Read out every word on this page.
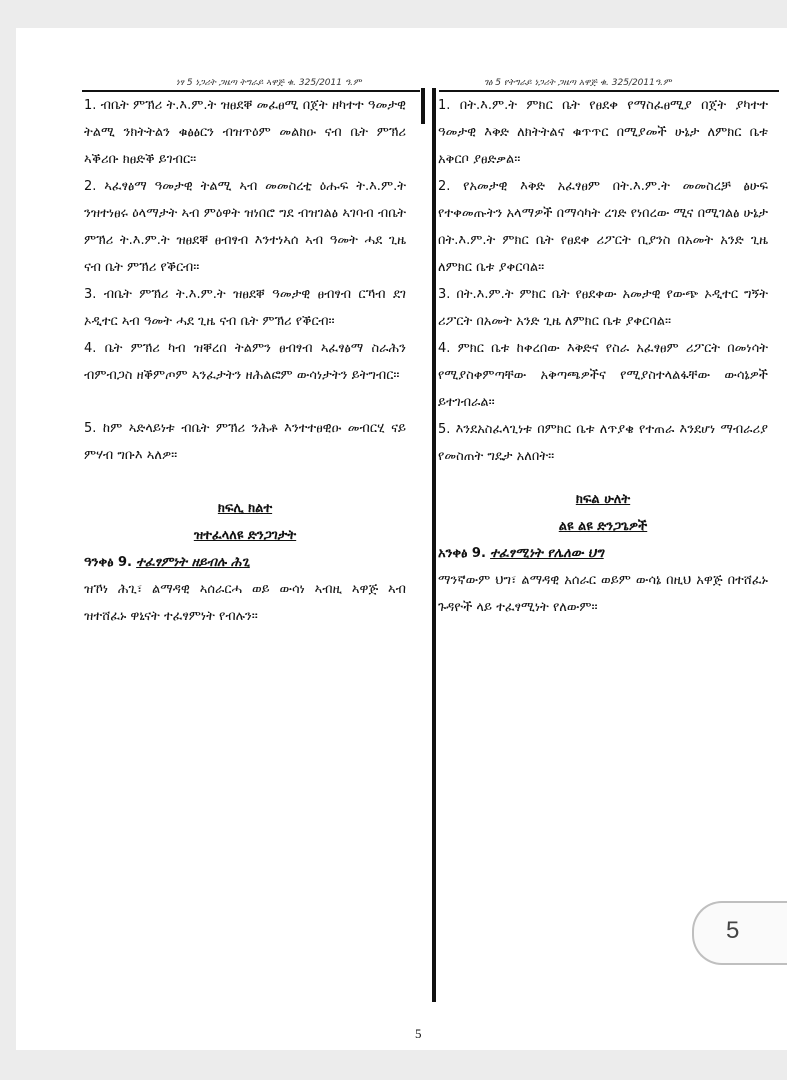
ነፃ 5 ነጋሪት ጋዜጣ ትግራይ ኣዋጅ ቁ. 325/2011 ዓ.ም	ገፅ 5 የትግራይ ነጋሪት ጋዜጣ አዋጅ ቁ. 325/2011ዓ.ም

1. ብቤት ምኽሪ ት.እ.ም.ት ዝፀደቐ መፈፀሚ በጀት ዘካተተ ዓመታዊ ትልሚ ንክትትልን ቁፅፅርን ብዝጥዕም መልክዑ ናብ ቤት ምኽሪ ኣቕሪቡ ክፀድቕ ይገብር።

2. ኣፈፃፅማ ዓመታዊ ትልሚ ኣብ መመስረቲ ዕሑፍ ት.እ.ም.ት ንዝተነፀሩ ዕላማታት ኣብ ምዕዋት ዝነበሮ ግደ ብዝገልፅ ኣገባብ ብቤት ምኽሪ ት.እ.ም.ት ዝፀደቐ ፀብፃብ እንተነኣሰ ኣብ ዓመት ሓደ ጊዜ ናብ ቤት ምኽሪ የቕርብ።

3. ብቤት ምኽሪ ት.እ.ም.ት ዝፀደቐ ዓመታዊ ፀብፃብ ርኻብ ደገ ኦዲተር ኣብ ዓመት ሓደ ጊዜ ናብ ቤት ምኽሪ የቕርብ።

4. ቤት ምኽሪ ካብ ዝቐረበ ትልምን ፀብፃብ ኣፈፃፅማ ስራሕን ብምብጋስ ዘቕምጦም ኣንፈታትን ዘሕልፎም ውሳነታትን ይትግብር።

5. ከም ኣድላይነቱ ብቤት ምኽሪ ንሕቶ እንተተፀዊዑ መብርሂ ናይ ምሃብ ግቡእ ኣለዎ።

ክፍሊ ክልተ

ዝተፈላለዩ ድንጋገታት

ዓንቀፅ 9. ተፈፃምነት ዘይብሉ ሕጊ

ዝኾነ ሕጊ፣ ልማዳዊ ኣሰራርሓ ወይ ውሳነ ኣብዚ ኣዋጅ ኣብ ዝተሸፈኑ ዋኒናት ተፈፃምነት የብሉን።

1. በት.እ.ም.ት ምክር ቤት የፀደቀ የማስፈፀሚያ በጀት ያካተተ ዓመታዊ እቅድ ለክትትልና ቁጥጥር በሚያመች ሁኔታ ለምክር ቤቱ አቅርቦ ያፀድቃል።

2. የአመታዊ እቅድ አፈፃፀም በት.እ.ም.ት መመስረቻ ፅሁፍ የተቀመጡትን አላማዎች በማሳካት ረገድ የነበረው ሚና በሚገልፅ ሁኔታ በት.እ.ም.ት ምክር ቤት የፀደቀ ሪፖርት ቢያንስ በአመት አንድ ጊዜ ለምክር ቤቱ ያቀርባል።

3. በት.እ.ም.ት ምክር ቤት የፀደቀው አመታዊ የውጭ ኦዲተር ግኝት ሪፖርት በአመት አንድ ጊዜ ለምክር ቤቱ ያቀርባል።

4. ምክር ቤቱ ከቀረበው እቅድና የስራ አፈፃፀም ሪፖርት በመነሳት የሚያስቀምጣቸው አቅጣጫዎችና የሚያስተላልፋቸው ውሳኔዎች ይተገብራል።

5. እንደአስፈላጊነቱ በምክር ቤቱ ለጥያቄ የተጠራ እንደሆነ ማብራሪያ የመስጠት ግዴታ አለበት።

ክፍል ሁለት

ልዩ ልዩ ድንጋጌዎች

አንቀፅ 9. ተፈፃሚነት የሌለው ህግ

ማንኛውም ህግ፣ ልማዳዊ አሰራር ወይም ውሳኔ በዚህ አዋጅ በተሸፈኑ ጉዳዮች ላይ ተፈፃሚነት የለውም።

5
5
